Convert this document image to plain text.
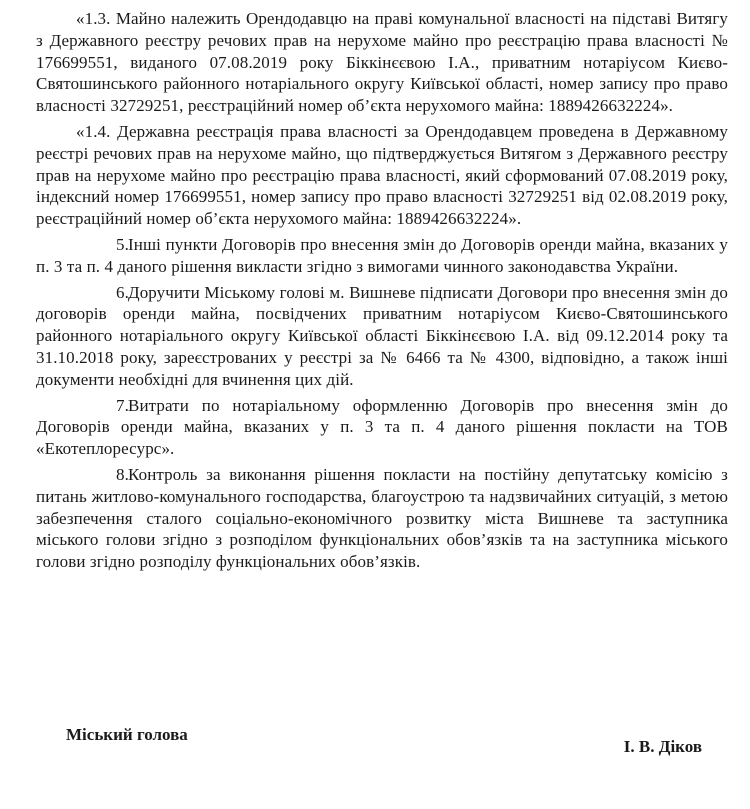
«1.3. Майно належить Орендодавцю на праві комунальної власності на підставі Витягу з Державного реєстру речових прав на нерухоме майно про реєстрацію права власності № 176699551, виданого 07.08.2019 року Біккінєєвою І.А., приватним нотаріусом Києво-Святошинського районного нотаріального округу Київської області, номер запису про право власності 32729251, реєстраційний номер об’єкта нерухомого майна: 1889426632224».

«1.4. Державна реєстрація права власності за Орендодавцем проведена в Державному реєстрі речових прав на нерухоме майно, що підтверджується Витягом з Державного реєстру прав на нерухоме майно про реєстрацію права власності, який сформований 07.08.2019 року, індексний номер 176699551, номер запису про право власності 32729251 від 02.08.2019 року, реєстраційний номер об’єкта нерухомого майна: 1889426632224».

5.Інші пункти Договорів про внесення змін до Договорів оренди майна, вказаних у п. 3 та п. 4 даного рішення викласти згідно з вимогами чинного законодавства України.

6.Доручити Міському голові м. Вишневе підписати Договори про внесення змін до договорів оренди майна, посвідчених приватним нотаріусом Києво-Святошинського районного нотаріального округу Київської області Біккінєєвою І.А. від 09.12.2014 року та 31.10.2018 року, зареєстрованих у реєстрі за № 6466 та № 4300, відповідно, а також інші документи необхідні для вчинення цих дій.

7.Витрати по нотаріальному оформленню Договорів про внесення змін до Договорів оренди майна, вказаних у п. 3 та п. 4 даного рішення покласти на ТОВ «Екотеплоресурс».

8.Контроль за виконання рішення покласти на постійну депутатську комісію з питань житлово-комунального господарства, благоустрою та надзвичайних ситуацій, з метою забезпечення сталого соціально-економічного розвитку міста Вишневе та заступника міського голови згідно з розподілом функціональних обов’язків та на заступника міського голови згідно розподілу функціональних обов’язків.

Міський голова
І. В. Діков
